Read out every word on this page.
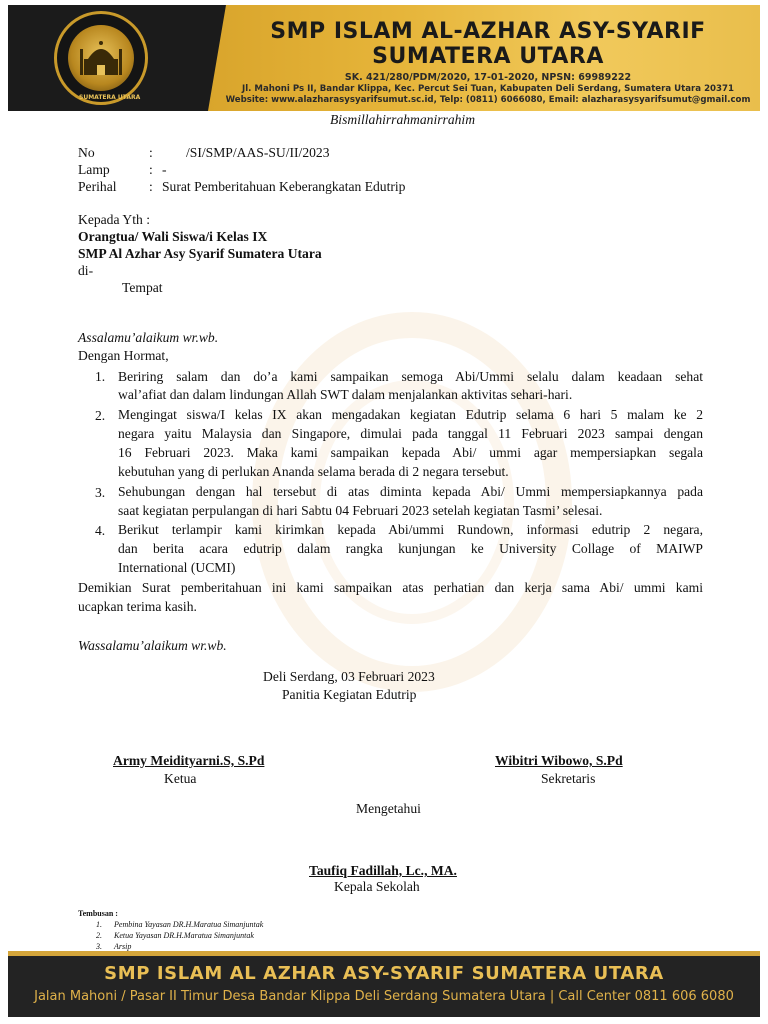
SUMATERA UTARA
SMP ISLAM AL-AZHAR ASY-SYARIF
SUMATERA UTARA
SK. 421/280/PDM/2020, 17-01-2020, NPSN: 69989222
Jl. Mahoni Ps II, Bandar Klippa, Kec. Percut Sei Tuan, Kabupaten Deli Serdang, Sumatera Utara 20371
Website: www.alazharasysyarifsumut.sc.id, Telp: (0811) 6066080, Email: alazharasysyarifsumut@gmail.com
Bismillahirrahmanirrahim
No	: /SI/SMP/AAS-SU/II/2023
Lamp	: -
Perihal : Surat Pemberitahuan Keberangkatan Edutrip
Kepada Yth :
Orangtua/ Wali Siswa/i Kelas IX
SMP Al Azhar Asy Syarif Sumatera Utara
di-
Tempat
Assalamu’alaikum wr.wb.
Dengan Hormat,
1. Beriring salam dan do’a kami sampaikan semoga Abi/Ummi selalu dalam keadaan sehat
wal’afiat dan dalam lindungan Allah SWT dalam menjalankan aktivitas sehari-hari.
2. Mengingat siswa/I kelas IX akan mengadakan kegiatan Edutrip selama 6 hari 5 malam ke 2
negara yaitu Malaysia dan Singapore, dimulai pada tanggal 11 Februari 2023 sampai dengan
16 Februari 2023. Maka kami sampaikan kepada Abi/ ummi agar mempersiapkan segala
kebutuhan yang di perlukan Ananda selama berada di 2 negara tersebut.
3. Sehubungan dengan hal tersebut di atas diminta kepada Abi/ Ummi mempersiapkannya pada
saat kegiatan perpulangan di hari Sabtu 04 Februari 2023 setelah kegiatan Tasmi’ selesai.
4. Berikut terlampir kami kirimkan kepada Abi/ummi Rundown, informasi edutrip 2 negara,
dan berita acara edutrip dalam rangka kunjungan ke University Collage of MAIWP
International (UCMI)
Demikian Surat pemberitahuan ini kami sampaikan atas perhatian dan kerja sama Abi/ ummi kami
ucapkan terima kasih.
Wassalamu’alaikum wr.wb.
Deli Serdang, 03 Februari 2023
Panitia Kegiatan Edutrip
Army Meidityarni.S, S.Pd
Ketua
Wibitri Wibowo, S.Pd
Sekretaris
Mengetahui
Taufiq Fadillah, Lc., MA.
Kepala Sekolah
Tembusan :
1. Pembina Yayasan DR.H.Maratua Simanjuntak
2. Ketua Yayasan DR.H.Maratua Simanjuntak
3. Arsip
SMP ISLAM AL AZHAR ASY-SYARIF SUMATERA UTARA
Jalan Mahoni / Pasar II Timur Desa Bandar Klippa Deli Serdang Sumatera Utara | Call Center 0811 606 6080
